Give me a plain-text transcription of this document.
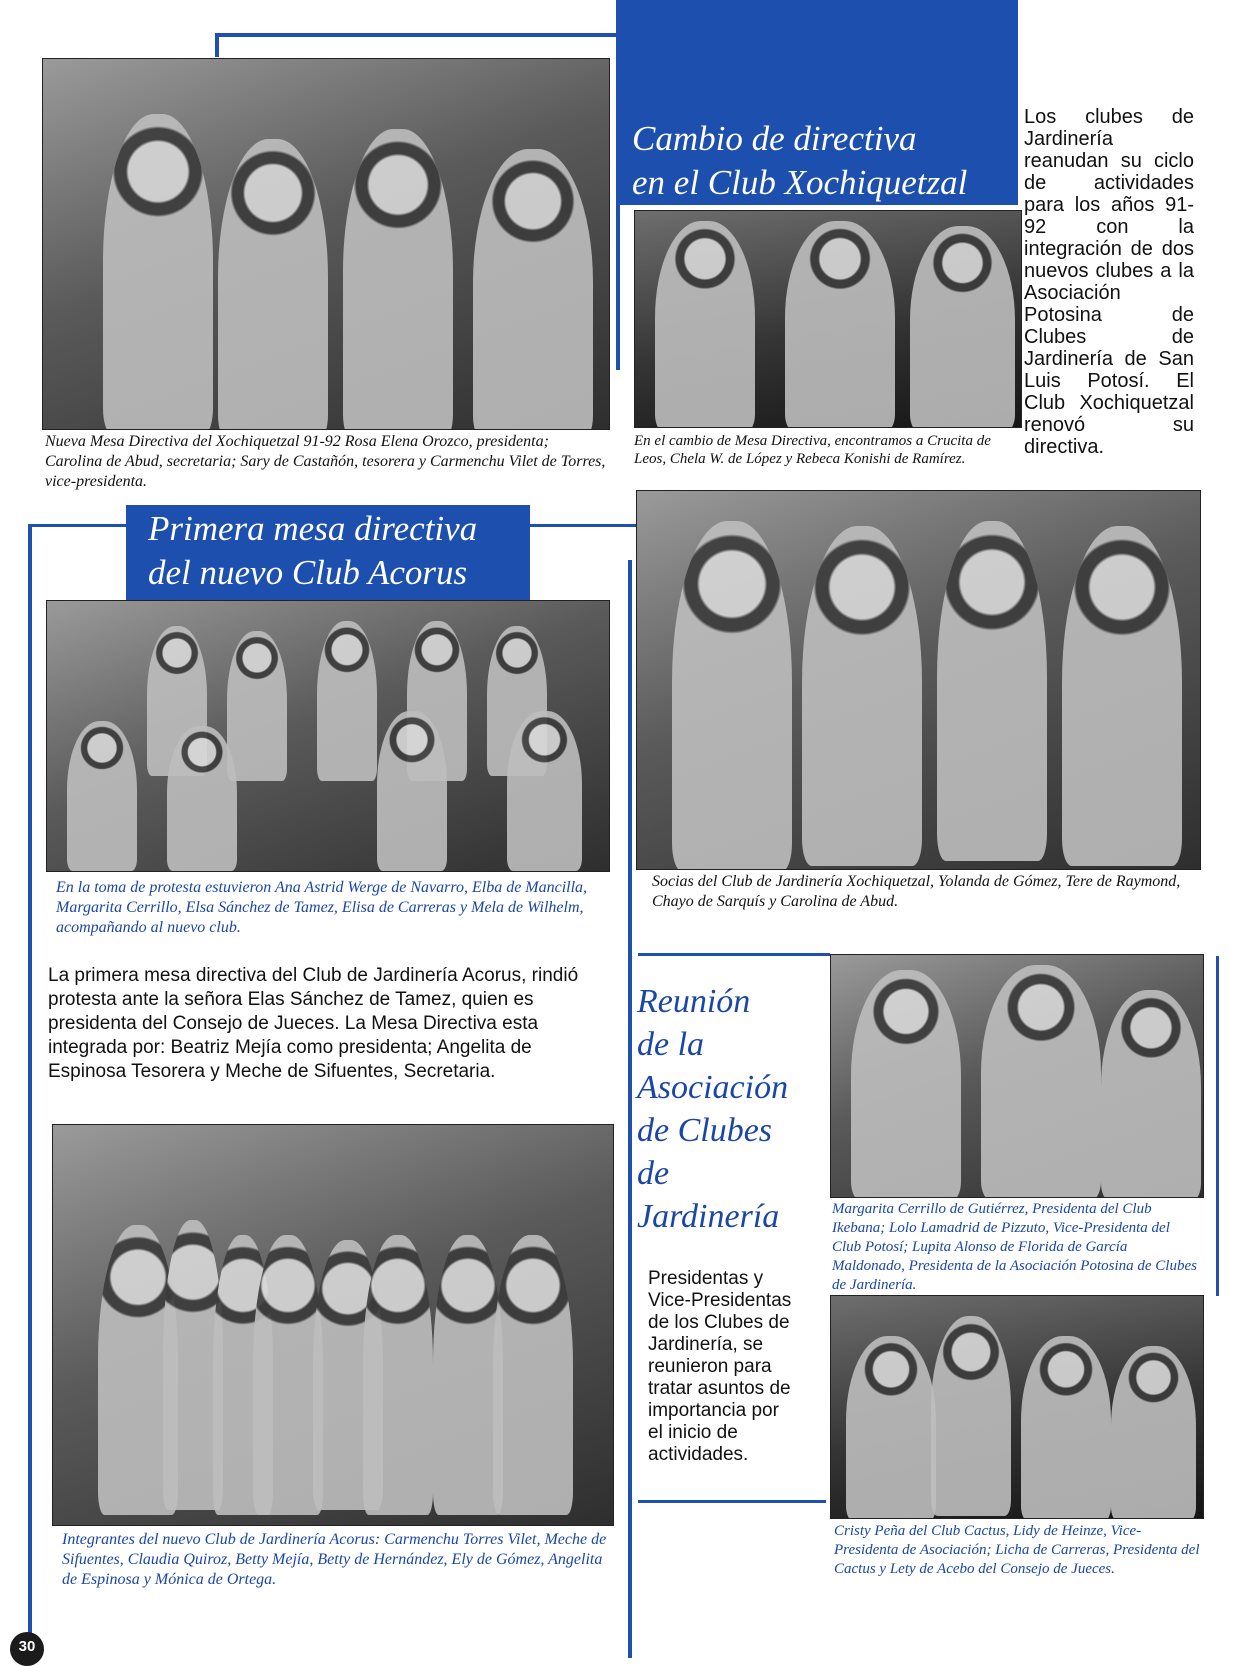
Cambio de directiva

en el Club Xochiquetzal

Los clubes de Jardinería reanudan su ciclo de actividades para los años 91-92 con la integración de dos nuevos clubes a la Asociación Potosina de Clubes de Jardinería de San Luis Potosí. El Club Xochiquetzal renovó su directiva.

Nueva Mesa Directiva del Xochiquetzal 91-92 Rosa Elena Orozco, presidenta; Carolina de Abud, secretaria; Sary de Castañón, tesorera y Carmenchu Vilet de Torres, vice-presidenta.

En el cambio de Mesa Directiva, encontramos a Crucita de Leos, Chela W. de López y Rebeca Konishi de Ramírez.

Primera mesa directiva

del nuevo Club Acorus

En la toma de protesta estuvieron Ana Astrid Werge de Navarro, Elba de Mancilla, Margarita Cerrillo, Elsa Sánchez de Tamez, Elisa de Carreras y Mela de Wilhelm, acompañando al nuevo club.

La primera mesa directiva del Club de Jardinería Acorus, rindió protesta ante la señora Elas Sánchez de Tamez, quien es presidenta del Consejo de Jueces. La Mesa Directiva esta integrada por: Beatriz Mejía como presidenta; Angelita de Espinosa Tesorera y Meche de Sifuentes, Secretaria.

Integrantes del nuevo Club de Jardinería Acorus: Carmenchu Torres Vilet, Meche de Sifuentes, Claudia Quiroz, Betty Mejía, Betty de Hernández, Ely de Gómez, Angelita de Espinosa y Mónica de Ortega.

Socias del Club de Jardinería Xochiquetzal, Yolanda de Gómez, Tere de Raymond, Chayo de Sarquís y Carolina de Abud.

Reunión

de la

Asociación

de Clubes

de

Jardinería

Presidentas y Vice-Presidentas de los Clubes de Jardinería, se reunieron para tratar asuntos de importancia por el inicio de actividades.

Margarita Cerrillo de Gutiérrez, Presidenta del Club Ikebana; Lolo Lamadrid de Pizzuto, Vice-Presidenta del Club Potosí; Lupita Alonso de Florida de García Maldonado, Presidenta de la Asociación Potosina de Clubes de Jardinería.

Cristy Peña del Club Cactus, Lidy de Heinze, Vice-Presidenta de Asociación; Licha de Carreras, Presidenta del Cactus y Lety de Acebo del Consejo de Jueces.

30
